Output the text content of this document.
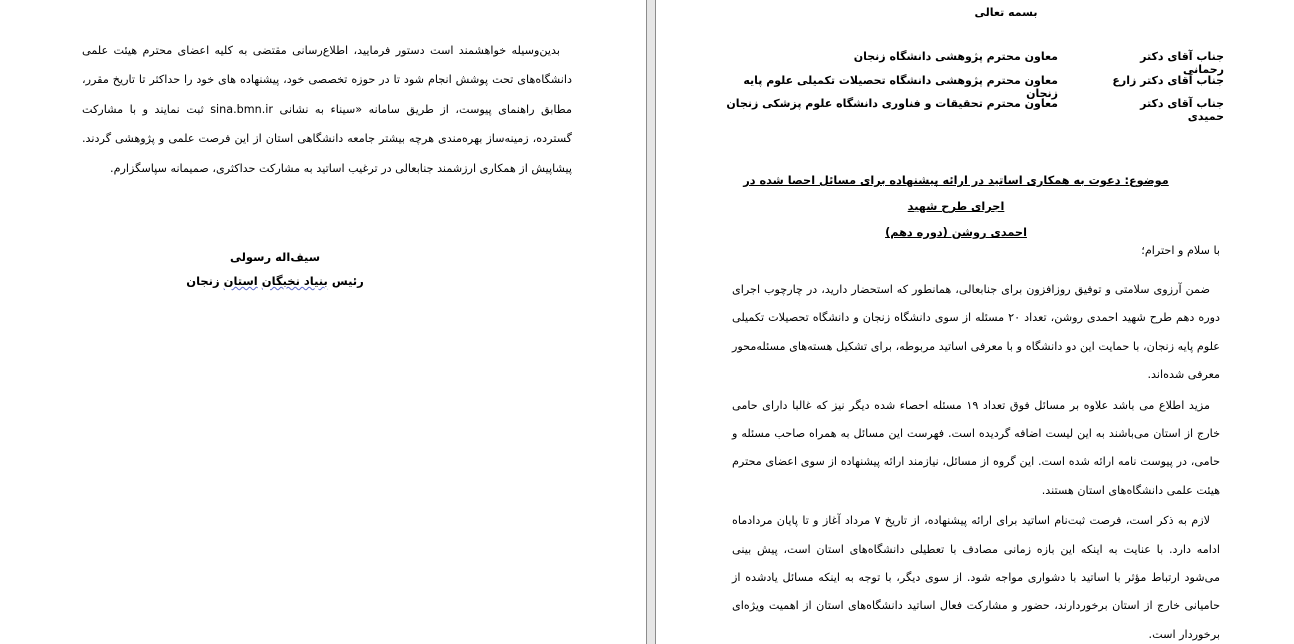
بدین‌وسیله خواهشمند است دستور فرمایید، اطلاع‌رسانی مقتضی به کلیه اعضای محترم هیئت علمی دانشگاه‌های تحت پوشش انجام شود تا در حوزه تخصصی خود، پیشنهاده های خود را حداکثر تا تاریخ مقرر، مطابق راهنمای پیوست، از طریق سامانه «سیناء به نشانی sina.bmn.ir ثبت نمایند و با مشارکت گسترده، زمینه‌ساز بهره‌مندی هرچه بیشتر جامعه دانشگاهی استان از این فرصت علمی و پژوهشی گردند. پیشاپیش از همکاری ارزشمند جنابعالی در ترغیب اساتید به مشارکت حداکثری، صمیمانه سپاسگزارم.

سیف‌اله رسولی
رئیس بنیاد نخبگان استان زنجان
بسمه تعالی
جناب آقای دکتر رحمانی
معاون محترم پژوهشی دانشگاه زنجان
جناب آقای دکتر زارع
معاون محترم پژوهشی دانشگاه تحصیلات تکمیلی علوم پایه زنجان
جناب آقای دکتر حمیدی
معاون محترم تحقیقات و فناوری دانشگاه علوم پزشکی زنجان
موضوع: دعوت به همکاری اساتید در ارائه پیشنهاده برای مسائل احصا شده در اجرای طرح شهید
احمدی روشن (دوره دهم)
با سلام و احترام؛

ضمن آرزوی سلامتی و توفیق روزافزون برای جنابعالی، همانطور که استحضار دارید، در چارچوب اجرای دوره دهم طرح شهید احمدی روشن، تعداد ۲۰ مسئله از سوی دانشگاه زنجان و دانشگاه تحصیلات تکمیلی علوم پایه زنجان، با حمایت این دو دانشگاه و با معرفی اساتید مربوطه، برای تشکیل هسته‌های مسئله‌محور معرفی شده‌اند.

مزید اطلاع می باشد علاوه بر مسائل فوق تعداد ۱۹ مسئله احصاء شده دیگر نیز که غالبا دارای حامی خارج از استان می‌باشند به این لیست اضافه گردیده است. فهرست این مسائل به همراه صاحب مسئله و حامی، در پیوست نامه ارائه شده است. این گروه از مسائل، نیازمند ارائه پیشنهاده از سوی اعضای محترم هیئت علمی دانشگاه‌های استان هستند.

لازم به ذکر است، فرصت ثبت‌نام اساتید برای ارائه پیشنهاده، از تاریخ ۷ مرداد آغاز و تا پایان مردادماه ادامه دارد. با عنایت به اینکه این بازه زمانی مصادف با تعطیلی دانشگاه‌های استان است، پیش بینی می‌شود ارتباط مؤثر با اساتید با دشواری مواجه شود. از سوی دیگر، با توجه به اینکه مسائل یادشده از حامیانی خارج از استان برخوردارند، حضور و مشارکت فعال اساتید دانشگاه‌های استان از اهمیت ویژه‌ای برخوردار است.
